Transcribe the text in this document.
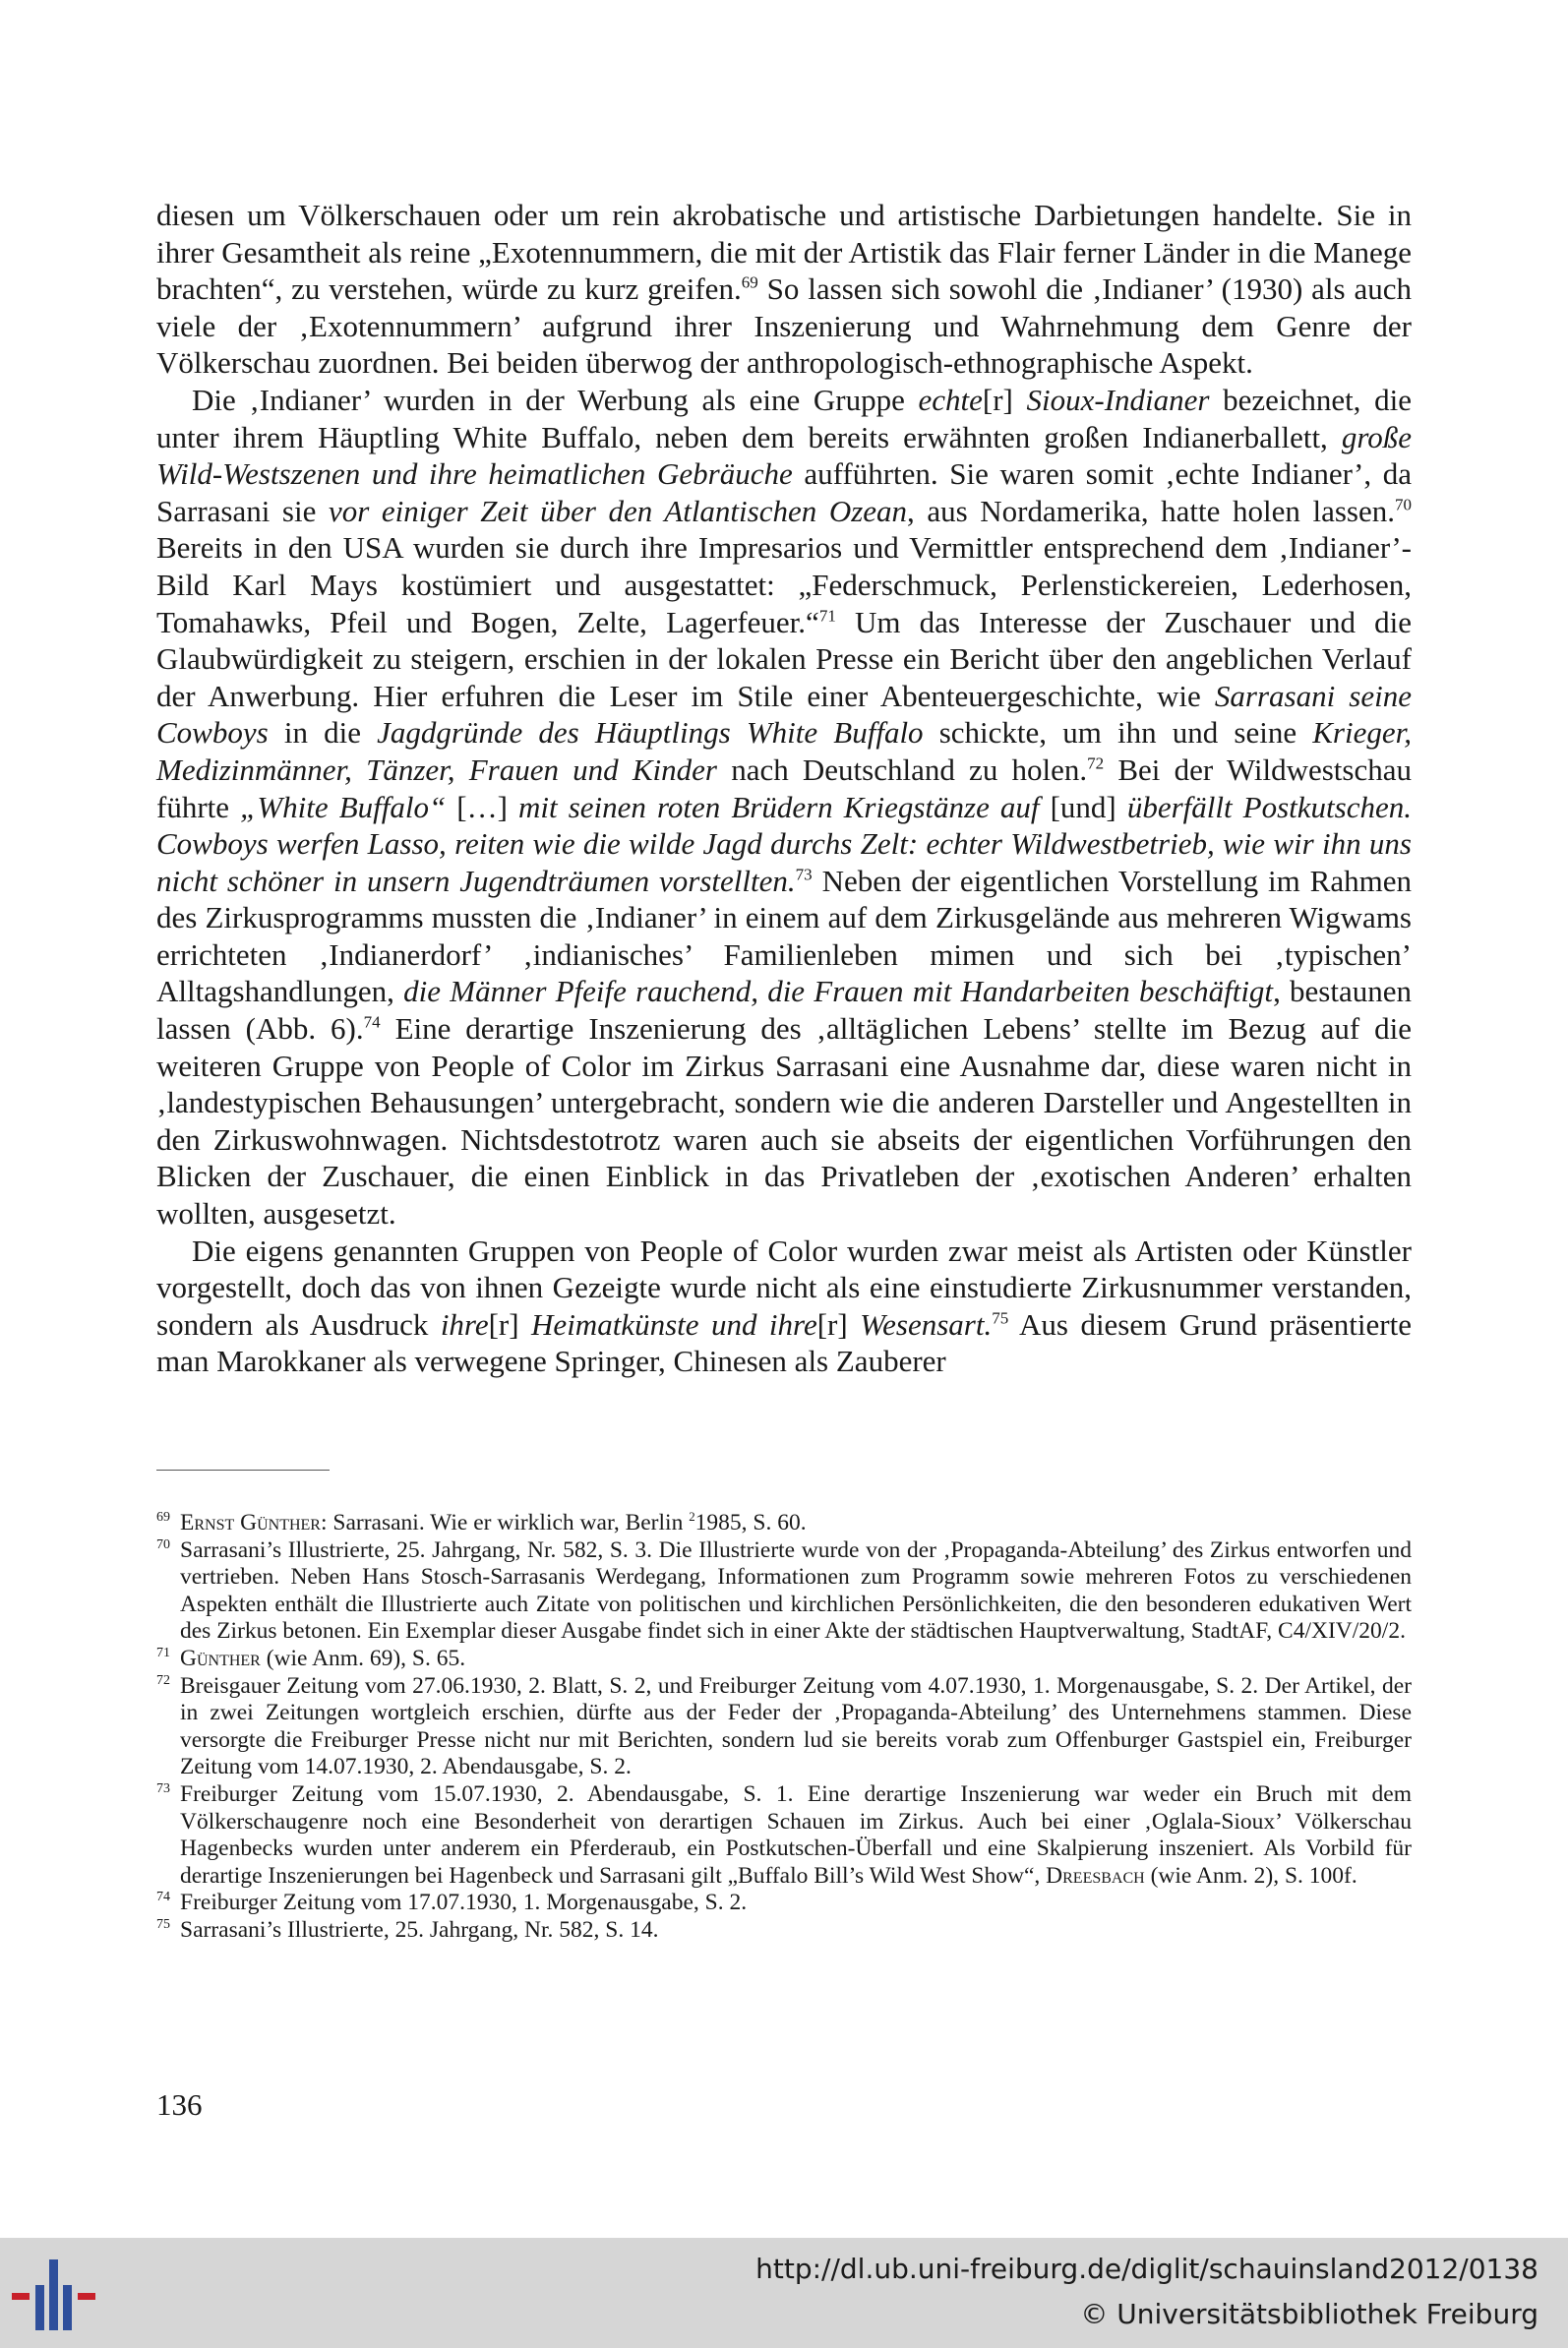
diesen um Völkerschauen oder um rein akrobatische und artistische Darbietungen handelte. Sie in ihrer Gesamtheit als reine „Exotennummern, die mit der Artistik das Flair ferner Länder in die Manege brachten“, zu verstehen, würde zu kurz greifen.$^{69}$ So lassen sich sowohl die ‚Indianer’ (1930) als auch viele der ‚Exotennummern’ aufgrund ihrer Inszenierung und Wahrnehmung dem Genre der Völkerschau zuordnen. Bei beiden überwog der anthropologisch-ethnographische Aspekt.

Die ‚Indianer’ wurden in der Werbung als eine Gruppe echte[r] Sioux-Indianer bezeichnet, die unter ihrem Häuptling White Buffalo, neben dem bereits erwähnten großen Indianerballett, große Wild-Westszenen und ihre heimatlichen Gebräuche aufführten. Sie waren somit ‚echte Indianer’, da Sarrasani sie vor einiger Zeit über den Atlantischen Ozean, aus Nordamerika, hatte holen lassen.$^{70}$ Bereits in den USA wurden sie durch ihre Impresarios und Vermittler entsprechend dem ‚Indianer’-Bild Karl Mays kostümiert und ausgestattet: „Federschmuck, Perlenstickereien, Lederhosen, Tomahawks, Pfeil und Bogen, Zelte, Lagerfeuer.“$^{71}$ Um das Interesse der Zuschauer und die Glaubwürdigkeit zu steigern, erschien in der lokalen Presse ein Bericht über den angeblichen Verlauf der Anwerbung. Hier erfuhren die Leser im Stile einer Abenteuergeschichte, wie Sarrasani seine Cowboys in die Jagdgründe des Häuptlings White Buffalo schickte, um ihn und seine Krieger, Medizinmänner, Tänzer, Frauen und Kinder nach Deutschland zu holen.$^{72}$ Bei der Wildwestschau führte „White Buffalo“ […] mit seinen roten Brüdern Kriegstänze auf [und] überfällt Postkutschen. Cowboys werfen Lasso, reiten wie die wilde Jagd durchs Zelt: echter Wildwestbetrieb, wie wir ihn uns nicht schöner in unsern Jugendträumen vorstellten.$^{73}$ Neben der eigentlichen Vorstellung im Rahmen des Zirkusprogramms mussten die ‚Indianer’ in einem auf dem Zirkusgelände aus mehreren Wigwams errichteten ‚Indianerdorf’ ‚indianisches’ Familienleben mimen und sich bei ‚typischen’ Alltagshandlungen, die Männer Pfeife rauchend, die Frauen mit Handarbeiten beschäftigt, bestaunen lassen (Abb. 6).$^{74}$ Eine derartige Inszenierung des ‚alltäglichen Lebens’ stellte im Bezug auf die weiteren Gruppe von People of Color im Zirkus Sarrasani eine Ausnahme dar, diese waren nicht in ‚landestypischen Behausungen’ untergebracht, sondern wie die anderen Darsteller und Angestellten in den Zirkuswohnwagen. Nichtsdestotrotz waren auch sie abseits der eigentlichen Vorführungen den Blicken der Zuschauer, die einen Einblick in das Privatleben der ‚exotischen Anderen’ erhalten wollten, ausgesetzt.

Die eigens genannten Gruppen von People of Color wurden zwar meist als Artisten oder Künstler vorgestellt, doch das von ihnen Gezeigte wurde nicht als eine einstudierte Zirkusnummer verstanden, sondern als Ausdruck ihre[r] Heimatkünste und ihre[r] Wesensart.$^{75}$ Aus diesem Grund präsentierte man Marokkaner als verwegene Springer, Chinesen als Zauberer

69 Ernst Günther: Sarrasani. Wie er wirklich war, Berlin $^2$1985, S. 60.
70 Sarrasani’s Illustrierte, 25. Jahrgang, Nr. 582, S. 3. Die Illustrierte wurde von der ‚Propaganda-Abteilung’ des Zirkus entworfen und vertrieben. Neben Hans Stosch-Sarrasanis Werdegang, Informationen zum Programm sowie mehreren Fotos zu verschiedenen Aspekten enthält die Illustrierte auch Zitate von politischen und kirchlichen Persönlichkeiten, die den besonderen edukativen Wert des Zirkus betonen. Ein Exemplar dieser Ausgabe findet sich in einer Akte der städtischen Hauptverwaltung, StadtAF, C4/XIV/20/2.
71 Günther (wie Anm. 69), S. 65.
72 Breisgauer Zeitung vom 27.06.1930, 2. Blatt, S. 2, und Freiburger Zeitung vom 4.07.1930, 1. Morgenausgabe, S. 2. Der Artikel, der in zwei Zeitungen wortgleich erschien, dürfte aus der Feder der ‚Propaganda-Abteilung’ des Unternehmens stammen. Diese versorgte die Freiburger Presse nicht nur mit Berichten, sondern lud sie bereits vorab zum Offenburger Gastspiel ein, Freiburger Zeitung vom 14.07.1930, 2. Abendausgabe, S. 2.
73 Freiburger Zeitung vom 15.07.1930, 2. Abendausgabe, S. 1. Eine derartige Inszenierung war weder ein Bruch mit dem Völkerschaugenre noch eine Besonderheit von derartigen Schauen im Zirkus. Auch bei einer ‚Oglala-Sioux’ Völkerschau Hagenbecks wurden unter anderem ein Pferderaub, ein Postkutschen-Überfall und eine Skalpierung inszeniert. Als Vorbild für derartige Inszenierungen bei Hagenbeck und Sarrasani gilt „Buffalo Bill’s Wild West Show“, Dreesbach (wie Anm. 2), S. 100f.
74 Freiburger Zeitung vom 17.07.1930, 1. Morgenausgabe, S. 2.
75 Sarrasani’s Illustrierte, 25. Jahrgang, Nr. 582, S. 14.
136
http://dl.ub.uni-freiburg.de/diglit/schauinsland2012/0138
© Universitätsbibliothek Freiburg
